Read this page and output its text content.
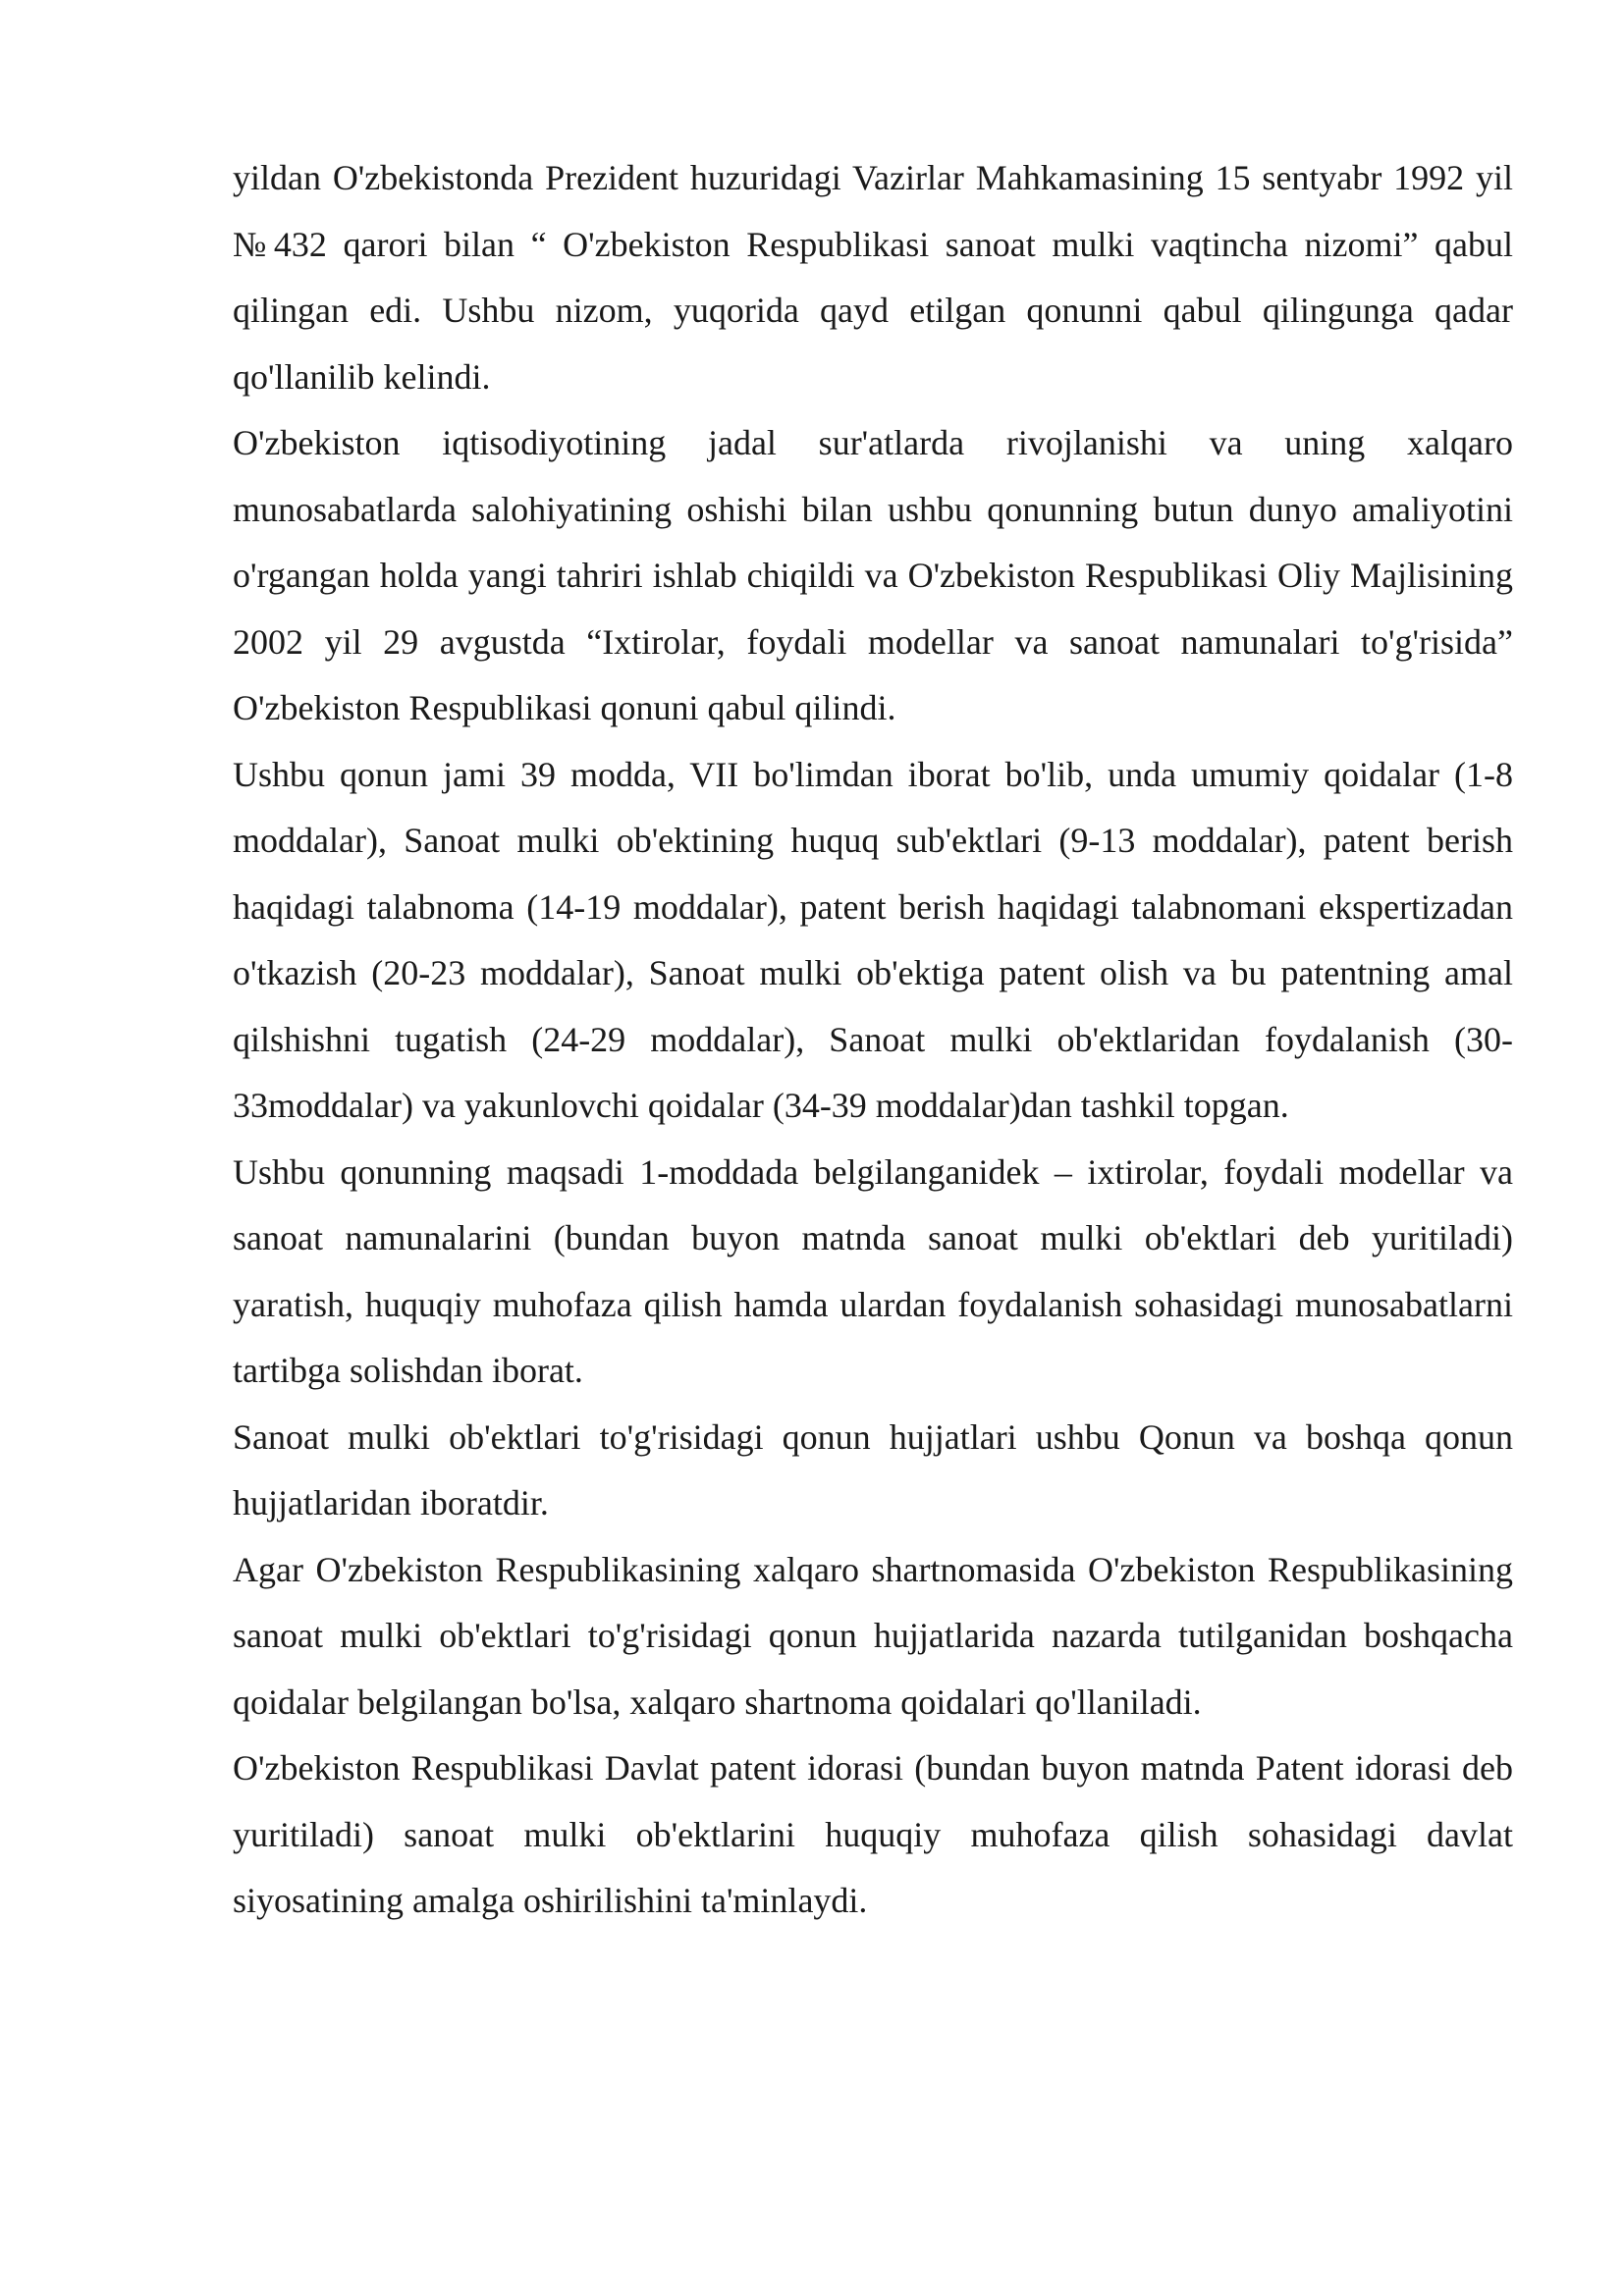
yildan O'zbekistonda Prezident huzuridagi Vazirlar Mahkamasining 15 sentyabr 1992 yil №432 qarori bilan “ O'zbekiston Respublikasi sanoat mulki vaqtincha nizomi” qabul qilingan edi. Ushbu nizom, yuqorida qayd etilgan qonunni qabul qilingunga qadar qo'llanilib kelindi.

O'zbekiston iqtisodiyotining jadal sur'atlarda rivojlanishi va uning xalqaro munosabatlarda salohiyatining oshishi bilan ushbu qonunning butun dunyo amaliyotini o'rgangan holda yangi tahriri ishlab chiqildi va O'zbekiston Respublikasi Oliy Majlisining 2002 yil 29 avgustda “Ixtirolar, foydali modellar va sanoat namunalari to'g'risida” O'zbekiston Respublikasi qonuni qabul qilindi.

Ushbu qonun jami 39 modda, VII bo'limdan iborat bo'lib, unda umumiy qoidalar (1-8 moddalar), Sanoat mulki ob'ektining huquq sub'ektlari (9-13 moddalar), patent berish haqidagi talabnoma (14-19 moddalar), patent berish haqidagi talabnomani ekspertizadan o'tkazish (20-23 moddalar), Sanoat mulki ob'ektiga patent olish va bu patentning amal qilshishni tugatish (24-29 moddalar), Sanoat mulki ob'ektlaridan foydalanish (30-33moddalar) va yakunlovchi qoidalar (34-39 moddalar)dan tashkil topgan.

Ushbu qonunning maqsadi 1-moddada belgilanganidek – ixtirolar, foydali modellar va sanoat namunalarini (bundan buyon matnda sanoat mulki ob'ektlari deb yuritiladi) yaratish, huquqiy muhofaza qilish hamda ulardan foydalanish sohasidagi munosabatlarni tartibga solishdan iborat.

Sanoat mulki ob'ektlari to'g'risidagi qonun hujjatlari ushbu Qonun va boshqa qonun hujjatlaridan iboratdir.

Agar O'zbekiston Respublikasining xalqaro shartnomasida O'zbekiston Respublikasining sanoat mulki ob'ektlari to'g'risidagi qonun hujjatlarida nazarda tutilganidan boshqacha qoidalar belgilangan bo'lsa, xalqaro shartnoma qoidalari qo'llaniladi.

O'zbekiston Respublikasi Davlat patent idorasi (bundan buyon matnda Patent idorasi deb yuritiladi) sanoat mulki ob'ektlarini huquqiy muhofaza qilish sohasidagi davlat siyosatining amalga oshirilishini ta'minlaydi.
